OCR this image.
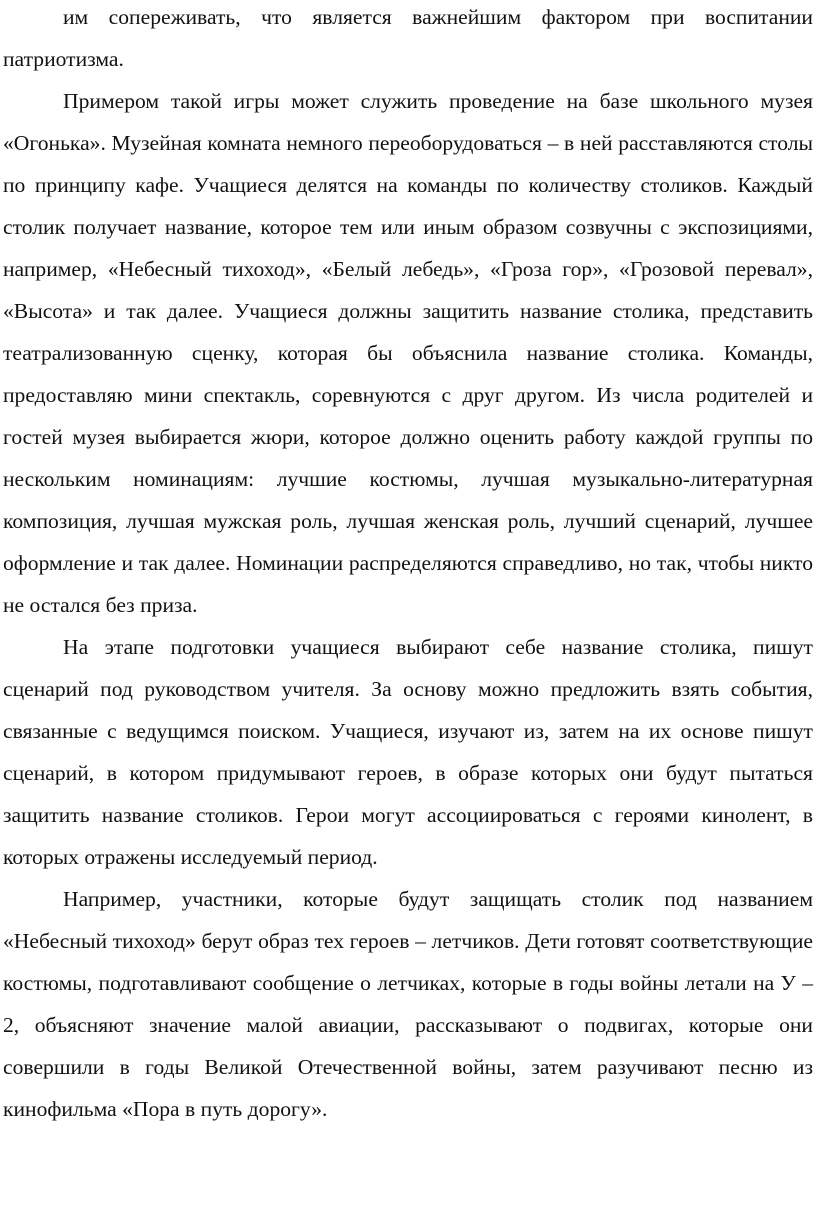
им сопереживать, что является важнейшим фактором при воспитании патриотизма.

Примером такой игры может служить проведение на базе школьного музея «Огонька». Музейная комната немного переоборудоваться – в ней расставляются столы по принципу кафе. Учащиеся делятся на команды по количеству столиков. Каждый столик получает название, которое тем или иным образом созвучны с экспозициями, например, «Небесный тихоход», «Белый лебедь», «Гроза гор», «Грозовой перевал», «Высота» и так далее. Учащиеся должны защитить название столика, представить театрализованную сценку, которая бы объяснила название столика. Команды, предоставляю мини спектакль, соревнуются с друг другом. Из числа родителей и гостей музея выбирается жюри, которое должно оценить работу каждой группы по нескольким номинациям: лучшие костюмы, лучшая музыкально-литературная композиция, лучшая мужская роль, лучшая женская роль, лучший сценарий, лучшее оформление и так далее. Номинации распределяются справедливо, но так, чтобы никто не остался без приза.

На этапе подготовки учащиеся выбирают себе название столика, пишут сценарий под руководством учителя. За основу можно предложить взять события, связанные с ведущимся поиском. Учащиеся, изучают из, затем на их основе пишут сценарий, в котором придумывают героев, в образе которых они будут пытаться защитить название столиков. Герои могут ассоциироваться с героями кинолент, в которых отражены исследуемый период.

Например, участники, которые будут защищать столик под названием «Небесный тихоход» берут образ тех героев – летчиков. Дети готовят соответствующие костюмы, подготавливают сообщение о летчиках, которые в годы войны летали на У – 2, объясняют значение малой авиации, рассказывают о подвигах, которые они совершили в годы Великой Отечественной войны, затем разучивают песню из кинофильма «Пора в путь дорогу».
